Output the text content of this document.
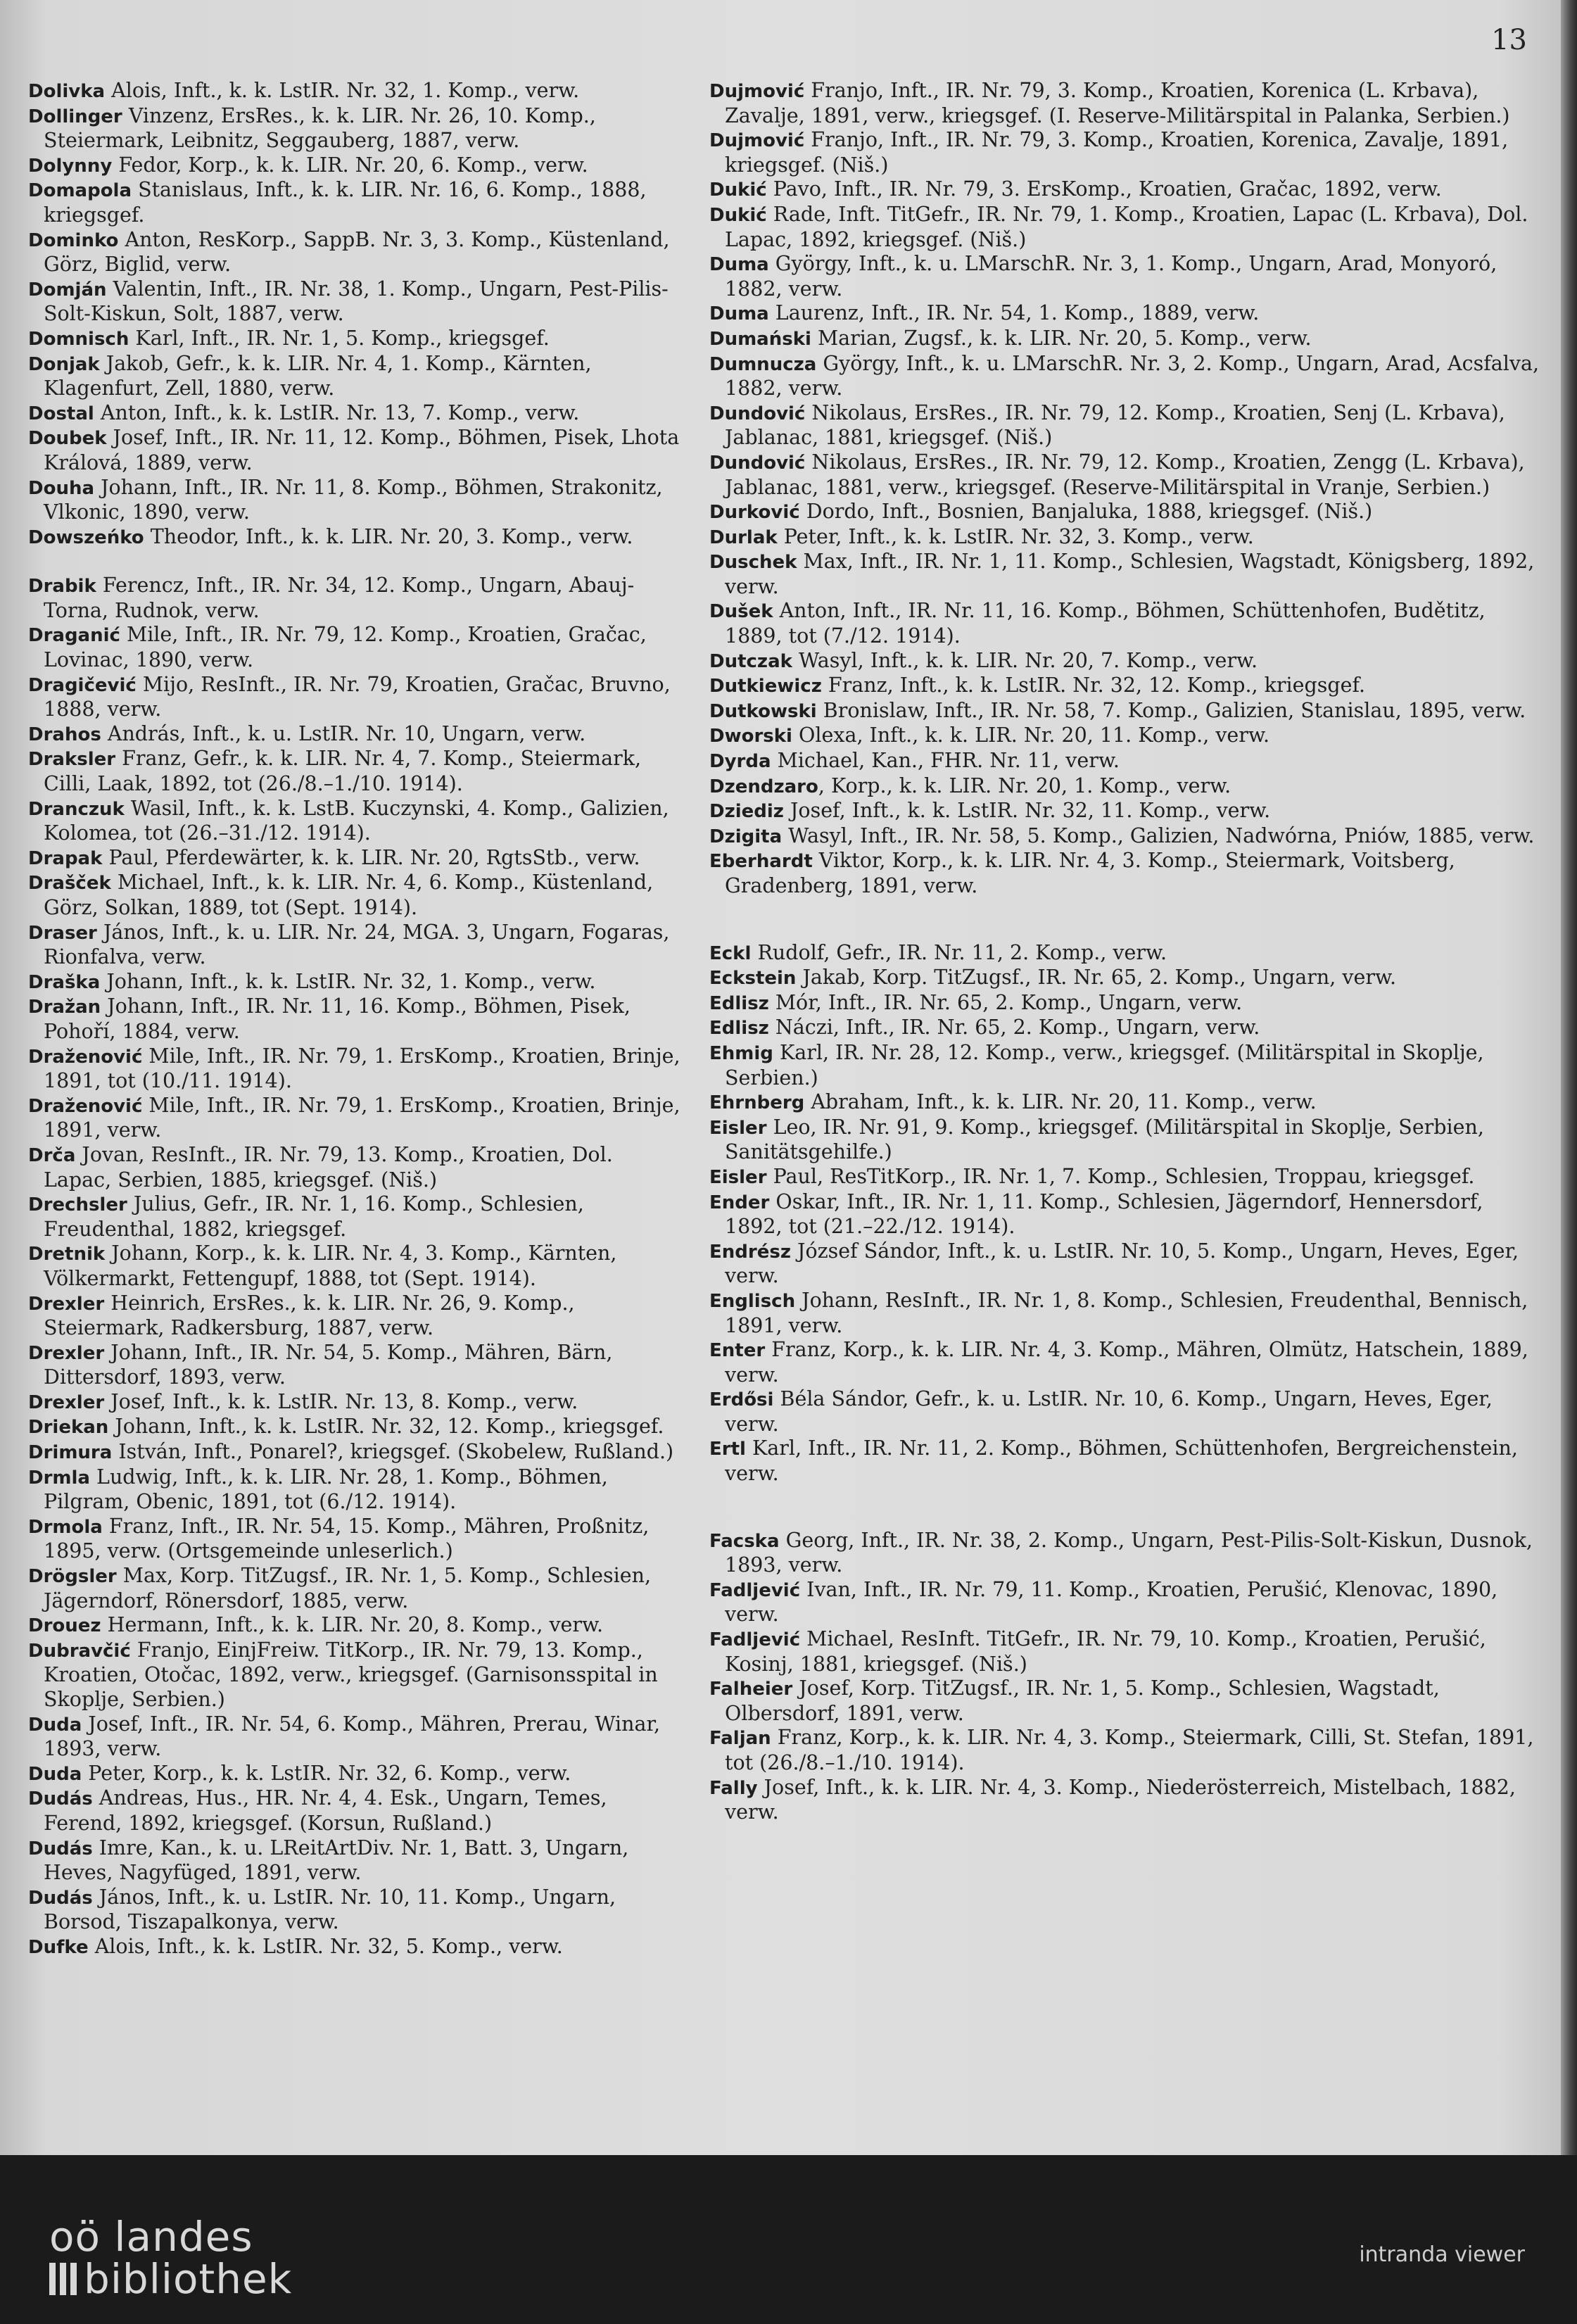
13

Dolivka Alois, Inft., k. k. LstIR. Nr. 32, 1. Komp., verw.

Dollinger Vinzenz, ErsRes., k. k. LIR. Nr. 26, 10. Komp., Steiermark, Leibnitz, Seggauberg, 1887, verw.

Dolynny Fedor, Korp., k. k. LIR. Nr. 20, 6. Komp., verw.

Domapola Stanislaus, Inft., k. k. LIR. Nr. 16, 6. Komp., 1888, kriegsgef.

Dominko Anton, ResKorp., SappB. Nr. 3, 3. Komp., Küstenland, Görz, Biglid, verw.

Domján Valentin, Inft., IR. Nr. 38, 1. Komp., Ungarn, Pest-Pilis-Solt-Kiskun, Solt, 1887, verw.

Domnisch Karl, Inft., IR. Nr. 1, 5. Komp., kriegsgef.

Donjak Jakob, Gefr., k. k. LIR. Nr. 4, 1. Komp., Kärnten, Klagenfurt, Zell, 1880, verw.

Dostal Anton, Inft., k. k. LstIR. Nr. 13, 7. Komp., verw.

Doubek Josef, Inft., IR. Nr. 11, 12. Komp., Böhmen, Pisek, Lhota Králová, 1889, verw.

Douha Johann, Inft., IR. Nr. 11, 8. Komp., Böhmen, Strakonitz, Vlkonic, 1890, verw.

Dowszeńko Theodor, Inft., k. k. LIR. Nr. 20, 3. Komp., verw.

Drabik Ferencz, Inft., IR. Nr. 34, 12. Komp., Ungarn, Abauj-Torna, Rudnok, verw.

Draganić Mile, Inft., IR. Nr. 79, 12. Komp., Kroatien, Gračac, Lovinac, 1890, verw.

Dragičević Mijo, ResInft., IR. Nr. 79, Kroatien, Gračac, Bruvno, 1888, verw.

Drahos András, Inft., k. u. LstIR. Nr. 10, Ungarn, verw.

Draksler Franz, Gefr., k. k. LIR. Nr. 4, 7. Komp., Steiermark, Cilli, Laak, 1892, tot (26./8.–1./10. 1914).

Dranczuk Wasil, Inft., k. k. LstB. Kuczynski, 4. Komp., Galizien, Kolomea, tot (26.–31./12. 1914).

Drapak Paul, Pferdewärter, k. k. LIR. Nr. 20, RgtsStb., verw.

Drašček Michael, Inft., k. k. LIR. Nr. 4, 6. Komp., Küstenland, Görz, Solkan, 1889, tot (Sept. 1914).

Draser János, Inft., k. u. LIR. Nr. 24, MGA. 3, Ungarn, Fogaras, Rionfalva, verw.

Draška Johann, Inft., k. k. LstIR. Nr. 32, 1. Komp., verw.

Dražan Johann, Inft., IR. Nr. 11, 16. Komp., Böhmen, Pisek, Pohoří, 1884, verw.

Draženović Mile, Inft., IR. Nr. 79, 1. ErsKomp., Kroatien, Brinje, 1891, tot (10./11. 1914).

Draženović Mile, Inft., IR. Nr. 79, 1. ErsKomp., Kroatien, Brinje, 1891, verw.

Drča Jovan, ResInft., IR. Nr. 79, 13. Komp., Kroatien, Dol. Lapac, Serbien, 1885, kriegsgef. (Niš.)

Drechsler Julius, Gefr., IR. Nr. 1, 16. Komp., Schlesien, Freudenthal, 1882, kriegsgef.

Dretnik Johann, Korp., k. k. LIR. Nr. 4, 3. Komp., Kärnten, Völkermarkt, Fettengupf, 1888, tot (Sept. 1914).

Drexler Heinrich, ErsRes., k. k. LIR. Nr. 26, 9. Komp., Steiermark, Radkersburg, 1887, verw.

Drexler Johann, Inft., IR. Nr. 54, 5. Komp., Mähren, Bärn, Dittersdorf, 1893, verw.

Drexler Josef, Inft., k. k. LstIR. Nr. 13, 8. Komp., verw.

Driekan Johann, Inft., k. k. LstIR. Nr. 32, 12. Komp., kriegsgef.

Drimura István, Inft., Ponarel?, kriegsgef. (Skobelew, Rußland.)

Drmla Ludwig, Inft., k. k. LIR. Nr. 28, 1. Komp., Böhmen, Pilgram, Obenic, 1891, tot (6./12. 1914).

Drmola Franz, Inft., IR. Nr. 54, 15. Komp., Mähren, Proßnitz, 1895, verw. (Ortsgemeinde unleserlich.)

Drögsler Max, Korp. TitZugsf., IR. Nr. 1, 5. Komp., Schlesien, Jägerndorf, Rönersdorf, 1885, verw.

Drouez Hermann, Inft., k. k. LIR. Nr. 20, 8. Komp., verw.

Dubravčić Franjo, EinjFreiw. TitKorp., IR. Nr. 79, 13. Komp., Kroatien, Otočac, 1892, verw., kriegsgef. (Garnisonsspital in Skoplje, Serbien.)

Duda Josef, Inft., IR. Nr. 54, 6. Komp., Mähren, Prerau, Winar, 1893, verw.

Duda Peter, Korp., k. k. LstIR. Nr. 32, 6. Komp., verw.

Dudás Andreas, Hus., HR. Nr. 4, 4. Esk., Ungarn, Temes, Ferend, 1892, kriegsgef. (Korsun, Rußland.)

Dudás Imre, Kan., k. u. LReitArtDiv. Nr. 1, Batt. 3, Ungarn, Heves, Nagyfüged, 1891, verw.

Dudás János, Inft., k. u. LstIR. Nr. 10, 11. Komp., Ungarn, Borsod, Tiszapalkonya, verw.

Dufke Alois, Inft., k. k. LstIR. Nr. 32, 5. Komp., verw.

Dujmović Franjo, Inft., IR. Nr. 79, 3. Komp., Kroatien, Korenica (L. Krbava), Zavalje, 1891, verw., kriegsgef. (I. Reserve-Militärspital in Palanka, Serbien.)

Dujmović Franjo, Inft., IR. Nr. 79, 3. Komp., Kroatien, Korenica, Zavalje, 1891, kriegsgef. (Niš.)

Dukić Pavo, Inft., IR. Nr. 79, 3. ErsKomp., Kroatien, Gračac, 1892, verw.

Dukić Rade, Inft. TitGefr., IR. Nr. 79, 1. Komp., Kroatien, Lapac (L. Krbava), Dol. Lapac, 1892, kriegsgef. (Niš.)

Duma György, Inft., k. u. LMarschR. Nr. 3, 1. Komp., Ungarn, Arad, Monyoró, 1882, verw.

Duma Laurenz, Inft., IR. Nr. 54, 1. Komp., 1889, verw.

Dumański Marian, Zugsf., k. k. LIR. Nr. 20, 5. Komp., verw.

Dumnucza György, Inft., k. u. LMarschR. Nr. 3, 2. Komp., Ungarn, Arad, Acsfalva, 1882, verw.

Dundović Nikolaus, ErsRes., IR. Nr. 79, 12. Komp., Kroatien, Senj (L. Krbava), Jablanac, 1881, kriegsgef. (Niš.)

Dundović Nikolaus, ErsRes., IR. Nr. 79, 12. Komp., Kroatien, Zengg (L. Krbava), Jablanac, 1881, verw., kriegsgef. (Reserve-Militärspital in Vranje, Serbien.)

Durković Dordo, Inft., Bosnien, Banjaluka, 1888, kriegsgef. (Niš.)

Durlak Peter, Inft., k. k. LstIR. Nr. 32, 3. Komp., verw.

Duschek Max, Inft., IR. Nr. 1, 11. Komp., Schlesien, Wagstadt, Königsberg, 1892, verw.

Dušek Anton, Inft., IR. Nr. 11, 16. Komp., Böhmen, Schüttenhofen, Budětitz, 1889, tot (7./12. 1914).

Dutczak Wasyl, Inft., k. k. LIR. Nr. 20, 7. Komp., verw.

Dutkiewicz Franz, Inft., k. k. LstIR. Nr. 32, 12. Komp., kriegsgef.

Dutkowski Bronislaw, Inft., IR. Nr. 58, 7. Komp., Galizien, Stanislau, 1895, verw.

Dworski Olexa, Inft., k. k. LIR. Nr. 20, 11. Komp., verw.

Dyrda Michael, Kan., FHR. Nr. 11, verw.

Dzendzaro, Korp., k. k. LIR. Nr. 20, 1. Komp., verw.

Dziediz Josef, Inft., k. k. LstIR. Nr. 32, 11. Komp., verw.

Dzigita Wasyl, Inft., IR. Nr. 58, 5. Komp., Galizien, Nadwórna, Pniów, 1885, verw.

Eberhardt Viktor, Korp., k. k. LIR. Nr. 4, 3. Komp., Steiermark, Voitsberg, Gradenberg, 1891, verw.

Eckl Rudolf, Gefr., IR. Nr. 11, 2. Komp., verw.

Eckstein Jakab, Korp. TitZugsf., IR. Nr. 65, 2. Komp., Ungarn, verw.

Edlisz Mór, Inft., IR. Nr. 65, 2. Komp., Ungarn, verw.

Edlisz Náczi, Inft., IR. Nr. 65, 2. Komp., Ungarn, verw.

Ehmig Karl, IR. Nr. 28, 12. Komp., verw., kriegsgef. (Militärspital in Skoplje, Serbien.)

Ehrnberg Abraham, Inft., k. k. LIR. Nr. 20, 11. Komp., verw.

Eisler Leo, IR. Nr. 91, 9. Komp., kriegsgef. (Militärspital in Skoplje, Serbien, Sanitätsgehilfe.)

Eisler Paul, ResTitKorp., IR. Nr. 1, 7. Komp., Schlesien, Troppau, kriegsgef.

Ender Oskar, Inft., IR. Nr. 1, 11. Komp., Schlesien, Jägerndorf, Hennersdorf, 1892, tot (21.–22./12. 1914).

Endrész József Sándor, Inft., k. u. LstIR. Nr. 10, 5. Komp., Ungarn, Heves, Eger, verw.

Englisch Johann, ResInft., IR. Nr. 1, 8. Komp., Schlesien, Freudenthal, Bennisch, 1891, verw.

Enter Franz, Korp., k. k. LIR. Nr. 4, 3. Komp., Mähren, Olmütz, Hatschein, 1889, verw.

Erdősi Béla Sándor, Gefr., k. u. LstIR. Nr. 10, 6. Komp., Ungarn, Heves, Eger, verw.

Ertl Karl, Inft., IR. Nr. 11, 2. Komp., Böhmen, Schüttenhofen, Bergreichenstein, verw.

Facska Georg, Inft., IR. Nr. 38, 2. Komp., Ungarn, Pest-Pilis-Solt-Kiskun, Dusnok, 1893, verw.

Fadljević Ivan, Inft., IR. Nr. 79, 11. Komp., Kroatien, Perušić, Klenovac, 1890, verw.

Fadljević Michael, ResInft. TitGefr., IR. Nr. 79, 10. Komp., Kroatien, Perušić, Kosinj, 1881, kriegsgef. (Niš.)

Falheier Josef, Korp. TitZugsf., IR. Nr. 1, 5. Komp., Schlesien, Wagstadt, Olbersdorf, 1891, verw.

Faljan Franz, Korp., k. k. LIR. Nr. 4, 3. Komp., Steiermark, Cilli, St. Stefan, 1891, tot (26./8.–1./10. 1914).

Fally Josef, Inft., k. k. LIR. Nr. 4, 3. Komp., Niederösterreich, Mistelbach, 1882, verw.

oö landes
bibliothek
intranda viewer
